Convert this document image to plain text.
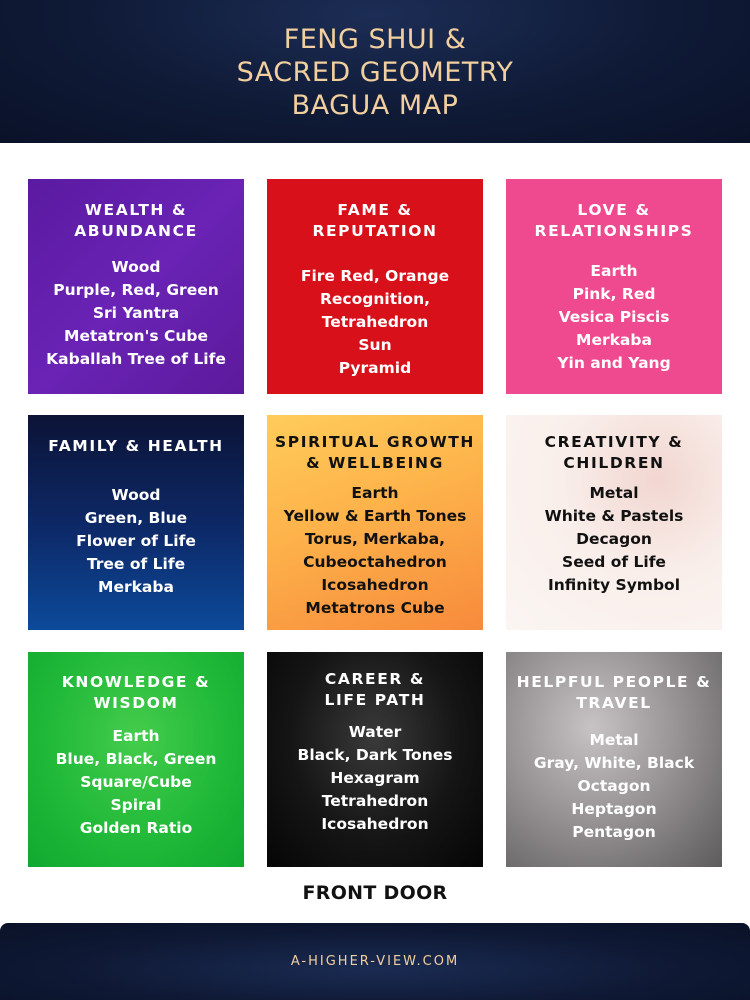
FENG SHUI &
SACRED GEOMETRY
BAGUA MAP
WEALTH &
ABUNDANCE
Wood
Purple, Red, Green
Sri Yantra
Metatron's Cube
Kaballah Tree of Life
FAME &
REPUTATION
Fire Red, Orange
Recognition,
Tetrahedron
Sun
Pyramid
LOVE &
RELATIONSHIPS
Earth
Pink, Red
Vesica Piscis
Merkaba
Yin and Yang
FAMILY & HEALTH
Wood
Green, Blue
Flower of Life
Tree of Life
Merkaba
SPIRITUAL GROWTH
& WELLBEING
Earth
Yellow & Earth Tones
Torus, Merkaba,
Cubeoctahedron
Icosahedron
Metatrons Cube
CREATIVITY &
CHILDREN
Metal
White & Pastels
Decagon
Seed of Life
Infinity Symbol
KNOWLEDGE &
WISDOM
Earth
Blue, Black, Green
Square/Cube
Spiral
Golden Ratio
CAREER &
LIFE PATH
Water
Black, Dark Tones
Hexagram
Tetrahedron
Icosahedron
HELPFUL PEOPLE &
TRAVEL
Metal
Gray, White, Black
Octagon
Heptagon
Pentagon
FRONT DOOR
A-HIGHER-VIEW.COM
